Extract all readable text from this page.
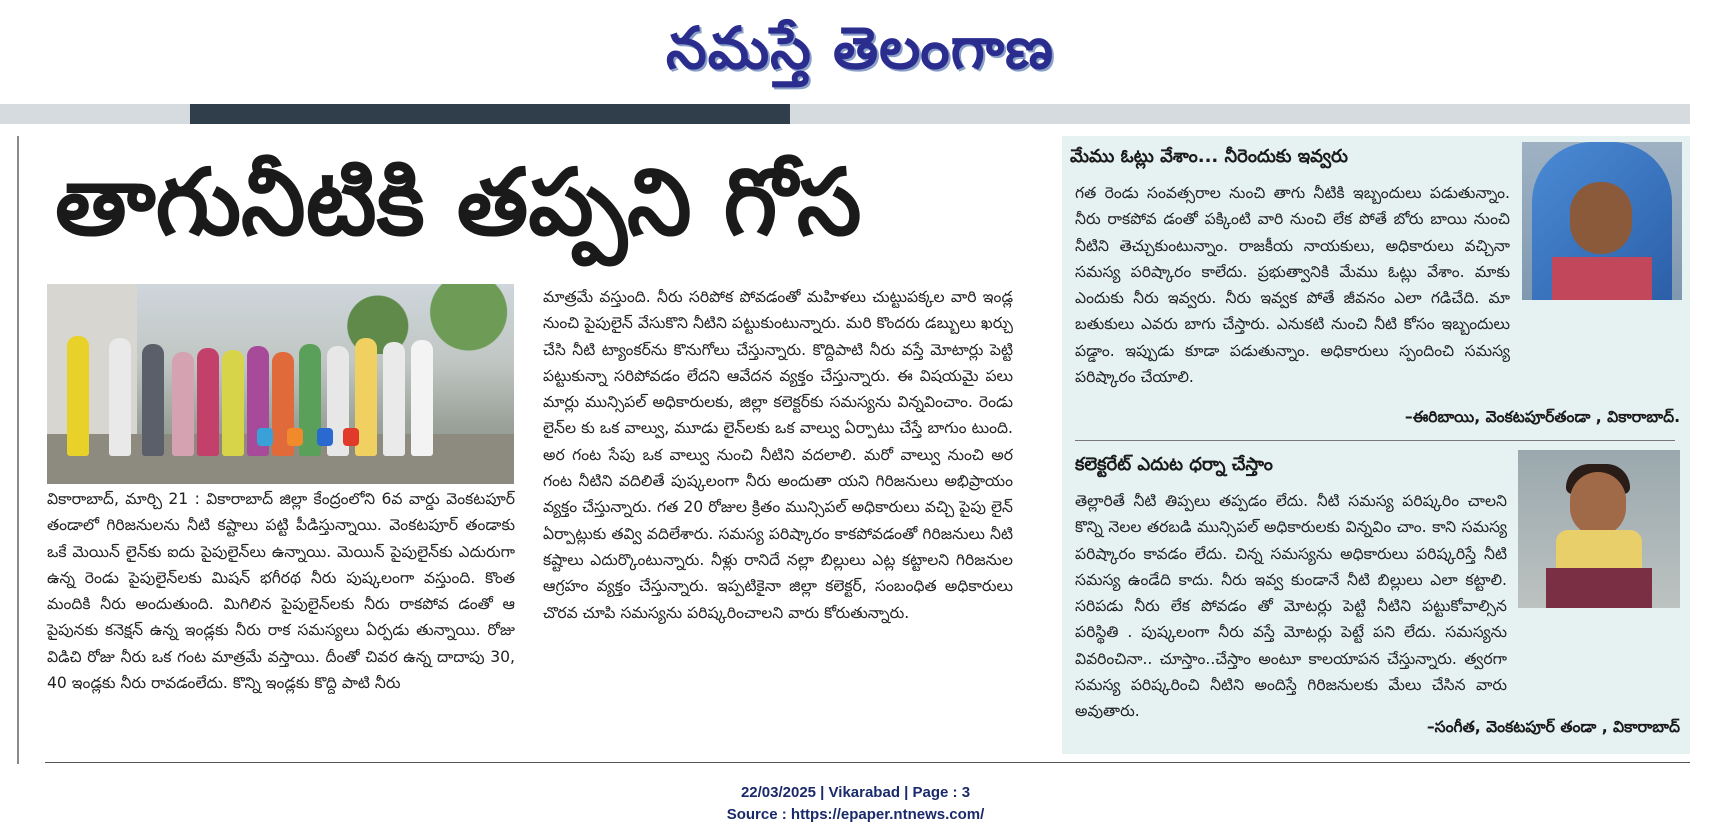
నమస్తే తెలంగాణ
తాగునీటికి తప్పని గోస
వికారాబాద్, మార్చి 21 : వికారాబాద్ జిల్లా కేంద్రంలోని 6వ వార్డు వెంకటపూర్ తండాలో గిరిజనులను నీటి కష్టాలు పట్టి పీడిస్తున్నాయి. వెంకటపూర్ తండాకు ఒకే మెయిన్ లైన్‌కు ఐదు పైపులైన్‌లు ఉన్నాయి. మెయిన్ పైపులైన్‌కు ఎదురుగా ఉన్న రెండు పైపులైన్‌లకు మిషన్ భగీరథ నీరు పుష్కలంగా వస్తుంది. కొంత మందికి నీరు అందుతుంది. మిగిలిన పైపులైన్‌లకు నీరు రాకపోవ డంతో ఆ పైపునకు కనెక్షన్ ఉన్న ఇండ్లకు నీరు రాక సమస్యలు ఏర్పడు తున్నాయి. రోజు విడిచి రోజు నీరు ఒక గంట మాత్రమే వస్తాయి. దీంతో చివర ఉన్న దాదాపు 30, 40 ఇండ్లకు నీరు రావడంలేదు. కొన్ని ఇండ్లకు కొద్ది పాటి నీరు
మాత్రమే వస్తుంది. నీరు సరిపోక పోవడంతో మహిళలు చుట్టుపక్కల వారి ఇండ్ల నుంచి పైపులైన్ వేసుకొని నీటిని పట్టుకుంటున్నారు. మరి కొందరు డబ్బులు ఖర్చు చేసి నీటి ట్యాంకర్‌ను కొనుగోలు చేస్తున్నారు. కొద్దిపాటి నీరు వస్తే మోటార్లు పెట్టి పట్టుకున్నా సరిపోవడం లేదని ఆవేదన వ్యక్తం చేస్తున్నారు. ఈ విషయమై పలు మార్లు మున్సిపల్ అధికారులకు, జిల్లా కలెక్టర్‌కు సమస్యను విన్నవించాం. రెండు లైన్‌ల కు ఒక వాల్వు, మూడు లైన్‌లకు ఒక వాల్వు ఏర్పాటు చేస్తే బాగుం టుంది. అర గంట సేపు ఒక వాల్వు నుంచి నీటిని వదలాలి. మరో వాల్వు నుంచి అర గంట నీటిని వదిలితే పుష్కలంగా నీరు అందుతా యని గిరిజనులు అభిప్రాయం వ్యక్తం చేస్తున్నారు. గత 20 రోజుల క్రితం మున్సిపల్ అధికారులు వచ్చి పైపు లైన్ ఏర్పాట్లుకు తవ్వి వదిలేశారు. సమస్య పరిష్కారం కాకపోవడంతో గిరిజనులు నీటి కష్టాలు ఎదుర్కొంటున్నారు. నీళ్లు రానిదే నల్లా బిల్లులు ఎట్ల కట్టాలని గిరిజనుల ఆగ్రహం వ్యక్తం చేస్తున్నారు. ఇప్పటికైనా జిల్లా కలెక్టర్, సంబంధిత అధికారులు చొరవ చూపి సమస్యను పరిష్కరించాలని వారు కోరుతున్నారు.
మేము ఓట్లు వేశాం... నీరెందుకు ఇవ్వరు
గత రెండు సంవత్సరాల నుంచి తాగు నీటికి ఇబ్బందులు పడుతున్నాం. నీరు రాకపోవ డంతో పక్కింటి వారి నుంచి లేక పోతే బోరు బాయి నుంచి నీటిని తెచ్చుకుంటున్నాం. రాజకీయ నాయకులు, అధికారులు వచ్చినా సమస్య పరిష్కారం కాలేదు. ప్రభుత్వానికి మేము ఓట్లు వేశాం. మాకు ఎందుకు నీరు ఇవ్వరు. నీరు ఇవ్వక పోతే జీవనం ఎలా గడిచేది. మా బతుకులు ఎవరు బాగు చేస్తారు. ఎనుకటి నుంచి నీటి కోసం ఇబ్బందులు పడ్డాం. ఇప్పుడు కూడా పడుతున్నాం. అధికారులు స్పందించి సమస్య పరిష్కారం చేయాలి.
–ఈరిబాయి, వెంకటపూర్‌తండా , వికారాబాద్.
కలెక్టరేట్ ఎదుట ధర్నా చేస్తాం
తెల్లారితే నీటి తిప్పలు తప్పడం లేదు. నీటి సమస్య పరిష్కరిం చాలని కొన్ని నెలల తరబడి మున్సిపల్ అధికారులకు విన్నవిం చాం. కాని సమస్య పరిష్కారం కావడం లేదు. చిన్న సమస్యను అధికారులు పరిష్కరిస్తే నీటి సమస్య ఉండేది కాదు. నీరు ఇవ్వ కుండానే నీటి బిల్లులు ఎలా కట్టాలి. సరిపడు నీరు లేక పోవడం తో మోటర్లు పెట్టి నీటిని పట్టుకోవాల్సిన పరిస్థితి . పుష్కలంగా నీరు వస్తే మోటర్లు పెట్టే పని లేదు. సమస్యను వివరించినా.. చూస్తాం..చేస్తాం అంటూ కాలయాపన చేస్తున్నారు. త్వరగా సమస్య పరిష్కరించి నీటిని అందిస్తే గిరిజనులకు మేలు చేసిన వారు అవుతారు.
–సంగీత, వెంకటపూర్ తండా , వికారాబాద్
22/03/2025 | Vikarabad | Page : 3
Source : https://epaper.ntnews.com/
